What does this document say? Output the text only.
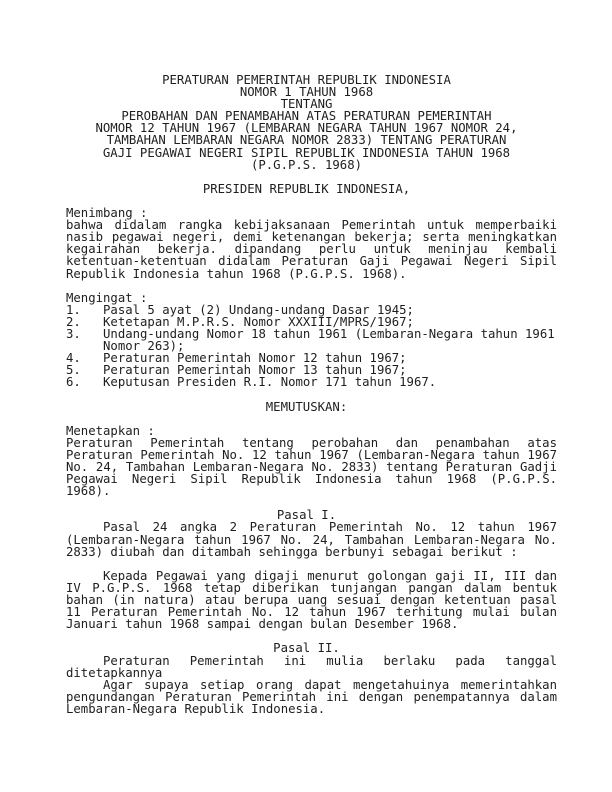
PERATURAN PEMERINTAH REPUBLIK INDONESIA
NOMOR 1 TAHUN 1968
TENTANG
PEROBAHAN DAN PENAMBAHAN ATAS PERATURAN PEMERINTAH
NOMOR 12 TAHUN 1967 (LEMBARAN NEGARA TAHUN 1967 NOMOR 24,
TAMBAHAN LEMBARAN NEGARA NOMOR 2833) TENTANG PERATURAN
GAJI PEGAWAI NEGERI SIPIL REPUBLIK INDONESIA TAHUN 1968
(P.G.P.S. 1968)
PRESIDEN REPUBLIK INDONESIA,
Menimbang :
bahwa didalam rangka kebijaksanaan Pemerintah untuk memperbaiki
nasib pegawai negeri, demi ketenangan bekerja; serta meningkatkan
kegairahan bekerja. dipandang perlu untuk meninjau kembali
ketentuan-ketentuan didalam Peraturan Gaji Pegawai Negeri Sipil
Republik Indonesia tahun 1968 (P.G.P.S. 1968).
Mengingat :
1.   Pasal 5 ayat (2) Undang-undang Dasar 1945;
2.   Ketetapan M.P.R.S. Nomor XXXIII/MPRS/1967;
3.   Undang-undang Nomor 18 tahun 1961 (Lembaran-Negara tahun 1961
Nomor 263);
4.   Peraturan Pemerintah Nomor 12 tahun 1967;
5.   Peraturan Pemerintah Nomor 13 tahun 1967;
6.   Keputusan Presiden R.I. Nomor 171 tahun 1967.
MEMUTUSKAN:
Menetapkan :
Peraturan Pemerintah tentang perobahan dan penambahan atas
Peraturan Pemerintah No. 12 tahun 1967 (Lembaran-Negara tahun 1967
No. 24, Tambahan Lembaran-Negara No. 2833) tentang Peraturan Gadji
Pegawai Negeri Sipil Republik Indonesia tahun 1968 (P.G.P.S.
1968).
Pasal I.
Pasal 24 angka 2 Peraturan Pemerintah No. 12 tahun 1967
(Lembaran-Negara tahun 1967 No. 24, Tambahan Lembaran-Negara No.
2833) diubah dan ditambah sehingga berbunyi sebagai berikut :
Kepada Pegawai yang digaji menurut golongan gaji II, III dan
IV P.G.P.S. 1968 tetap diberikan tunjangan pangan dalam bentuk
bahan (in natura) atau berupa uang sesuai dengan ketentuan pasal
11 Peraturan Pemerintah No. 12 tahun 1967 terhitung mulai bulan
Januari tahun 1968 sampai dengan bulan Desember 1968.
Pasal II.
Peraturan Pemerintah ini mulia berlaku pada tanggal
ditetapkannya
Agar supaya setiap orang dapat mengetahuinya memerintahkan
pengundangan Peraturan Pemerintah ini dengan penempatannya dalam
Lembaran-Negara Republik Indonesia.
